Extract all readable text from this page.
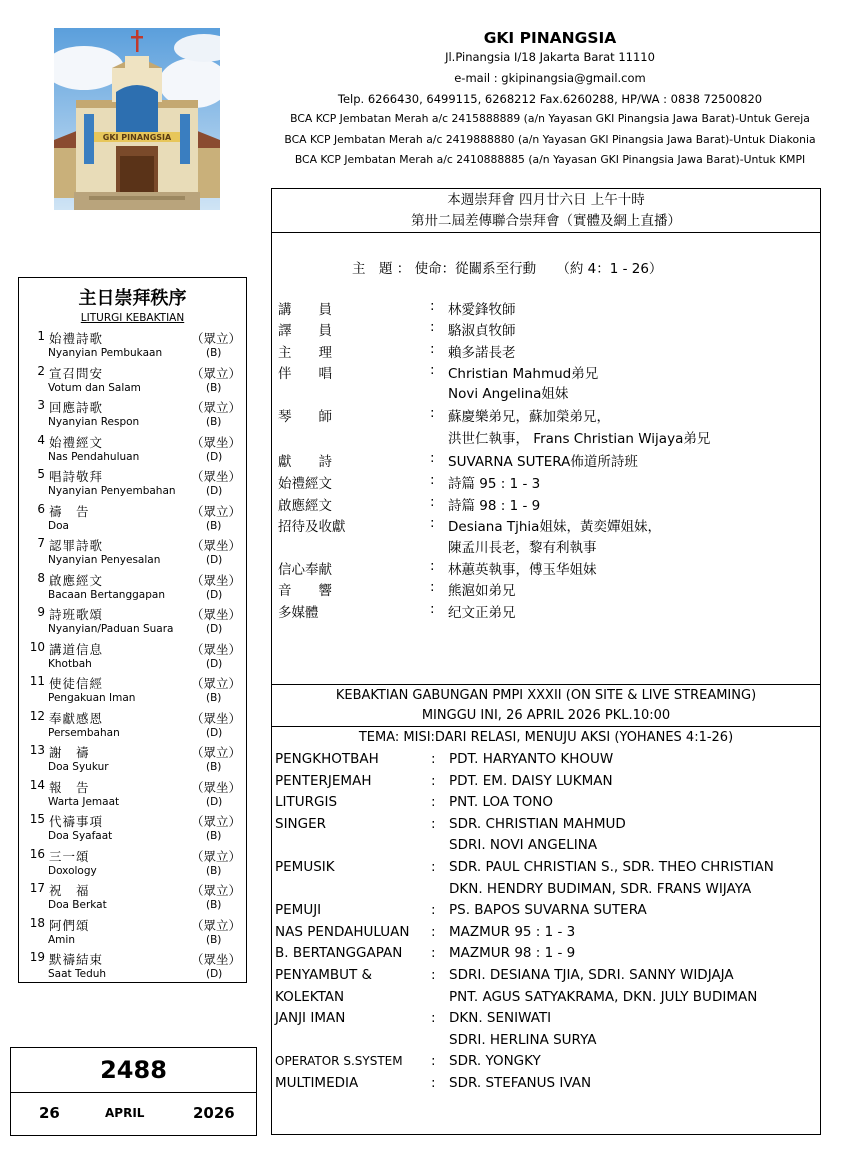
GKI PINANGSIA
GKI PINANGSIA
Jl.Pinangsia I/18 Jakarta Barat 11110
e-mail : gkipinangsia@gmail.com
Telp. 6266430, 6499115, 6268212 Fax.6260288, HP/WA : 0838 72500820
BCA KCP Jembatan Merah a/c 2415888889 (a/n Yayasan GKI Pinangsia Jawa Barat)-Untuk Gereja
BCA KCP Jembatan Merah a/c 2419888880 (a/n Yayasan GKI Pinangsia Jawa Barat)-Untuk Diakonia
BCA KCP Jembatan Merah a/c 2410888885 (a/n Yayasan GKI Pinangsia Jawa Barat)-Untuk KMPI
主日崇拜秩序
LITURGI KEBAKTIAN
1 始禮詩歌	（眾立）
Nyanyian Pembukaan	(B)
2 宣召問安	（眾立）
Votum dan Salam	(B)
3 回應詩歌	（眾立）
Nyanyian Respon	(B)
4 始禮經文	（眾坐）
Nas Pendahuluan	(D)
5 唱詩敬拜	（眾坐）
Nyanyian Penyembahan	(D)
6 禱　告	（眾立）
Doa	(B)
7 認罪詩歌	（眾坐）
Nyanyian Penyesalan	(D)
8 啟應經文	（眾坐）
Bacaan Bertanggapan	(D)
9 詩班歌頌	（眾坐）
Nyanyian/Paduan Suara	(D)
10 講道信息	（眾坐）
Khotbah	(D)
11 使徒信經	（眾立）
Pengakuan Iman	(B)
12 奉獻感恩	（眾坐）
Persembahan	(D)
13 謝　禱	（眾立）
Doa Syukur	(B)
14 報　告	（眾坐）
Warta Jemaat	(D)
15 代禱事項	（眾立）
Doa Syafaat	(B)
16 三一頌	（眾立）
Doxology	(B)
17 祝　福	（眾立）
Doa Berkat	(B)
18 阿們頌	（眾立）
Amin	(B)
19 默禱結束	（眾坐）
Saat Teduh	(D)
2488
26	APRIL	2026
本週崇拜會 四月廿六日 上午十時
第卅二屆差傳聯合崇拜會（實體及網上直播）
主　題 ： 使命：從關系至行動　　（約 4：1 - 26）
講　　員	: 林愛鋒牧師
譯　　員	: 駱淑貞牧師
主　　理	: 賴多諾長老
伴　　唱	: Christian Mahmud弟兄
Novi Angelina姐妹
琴　　師	: 蘇慶樂弟兄，蘇加榮弟兄，
洪世仁執事， Frans Christian Wijaya弟兄
獻　　詩	: SUVARNA SUTERA佈道所詩班
始禮經文	: 詩篇 95 : 1 - 3
啟應經文	: 詩篇 98 : 1 - 9
招待及收獻	: Desiana Tjhia姐妹，黃奕嬋姐妹，
陳孟川長老，黎有利執事
信心奉献	: 林蕙英執事，傅玉华姐妹
音　　響	: 熊滬如弟兄
多媒體	: 纪文正弟兄
KEBAKTIAN GABUNGAN PMPI XXXII (ON SITE & LIVE STREAMING)
MINGGU INI, 26 APRIL 2026 PKL.10:00
TEMA: MISI:DARI RELASI, MENUJU AKSI (YOHANES 4:1-26)
PENGKHOTBAH	: PDT. HARYANTO KHOUW
PENTERJEMAH	: PDT. EM. DAISY LUKMAN
LITURGIS	: PNT. LOA TONO
SINGER	: SDR. CHRISTIAN MAHMUD
SDRI. NOVI ANGELINA
PEMUSIK	: SDR. PAUL CHRISTIAN S., SDR. THEO CHRISTIAN
DKN. HENDRY BUDIMAN, SDR. FRANS WIJAYA
PEMUJI	: PS. BAPOS SUVARNA SUTERA
NAS PENDAHULUAN : MAZMUR 95 : 1 - 3
B. BERTANGGAPAN : MAZMUR 98 : 1 - 9
PENYAMBUT &	: SDRI. DESIANA TJIA, SDRI. SANNY WIDJAJA
KOLEKTAN	PNT. AGUS SATYAKRAMA, DKN. JULY BUDIMAN
JANJI IMAN	: DKN. SENIWATI
SDRI. HERLINA SURYA
OPERATOR S.SYSTEM : SDR. YONGKY
MULTIMEDIA	: SDR. STEFANUS IVAN
